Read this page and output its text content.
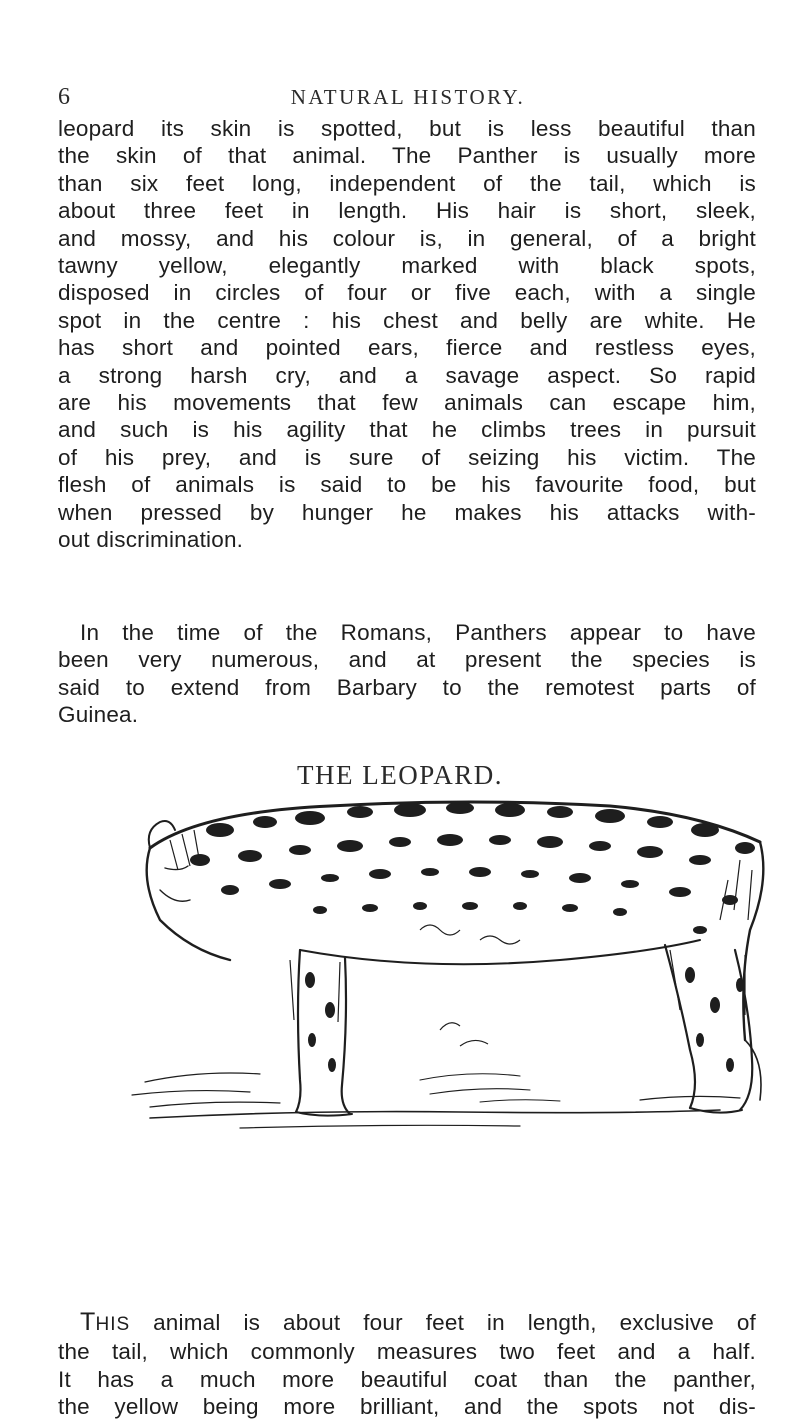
6	NATURAL HISTORY.
leopard its skin is spotted, but is less beautiful than
the skin of that animal. The Panther is usually more
than six feet long, independent of the tail, which is
about three feet in length. His hair is short, sleek,
and mossy, and his colour is, in general, of a bright
tawny yellow, elegantly marked with black spots,
disposed in circles of four or five each, with a single
spot in the centre : his chest and belly are white. He
has short and pointed ears, fierce and restless eyes,
a strong harsh cry, and a savage aspect. So rapid
are his movements that few animals can escape him,
and such is his agility that he climbs trees in pursuit
of his prey, and is sure of seizing his victim. The
flesh of animals is said to be his favourite food, but
when pressed by hunger he makes his attacks with-
out discrimination.
In the time of the Romans, Panthers appear to have
been very numerous, and at present the species is
said to extend from Barbary to the remotest parts of
Guinea.
THE LEOPARD.
THIS animal is about four feet in length, exclusive of
the tail, which commonly measures two feet and a half.
It has a much more beautiful coat than the panther,
the yellow being more brilliant, and the spots not dis-
